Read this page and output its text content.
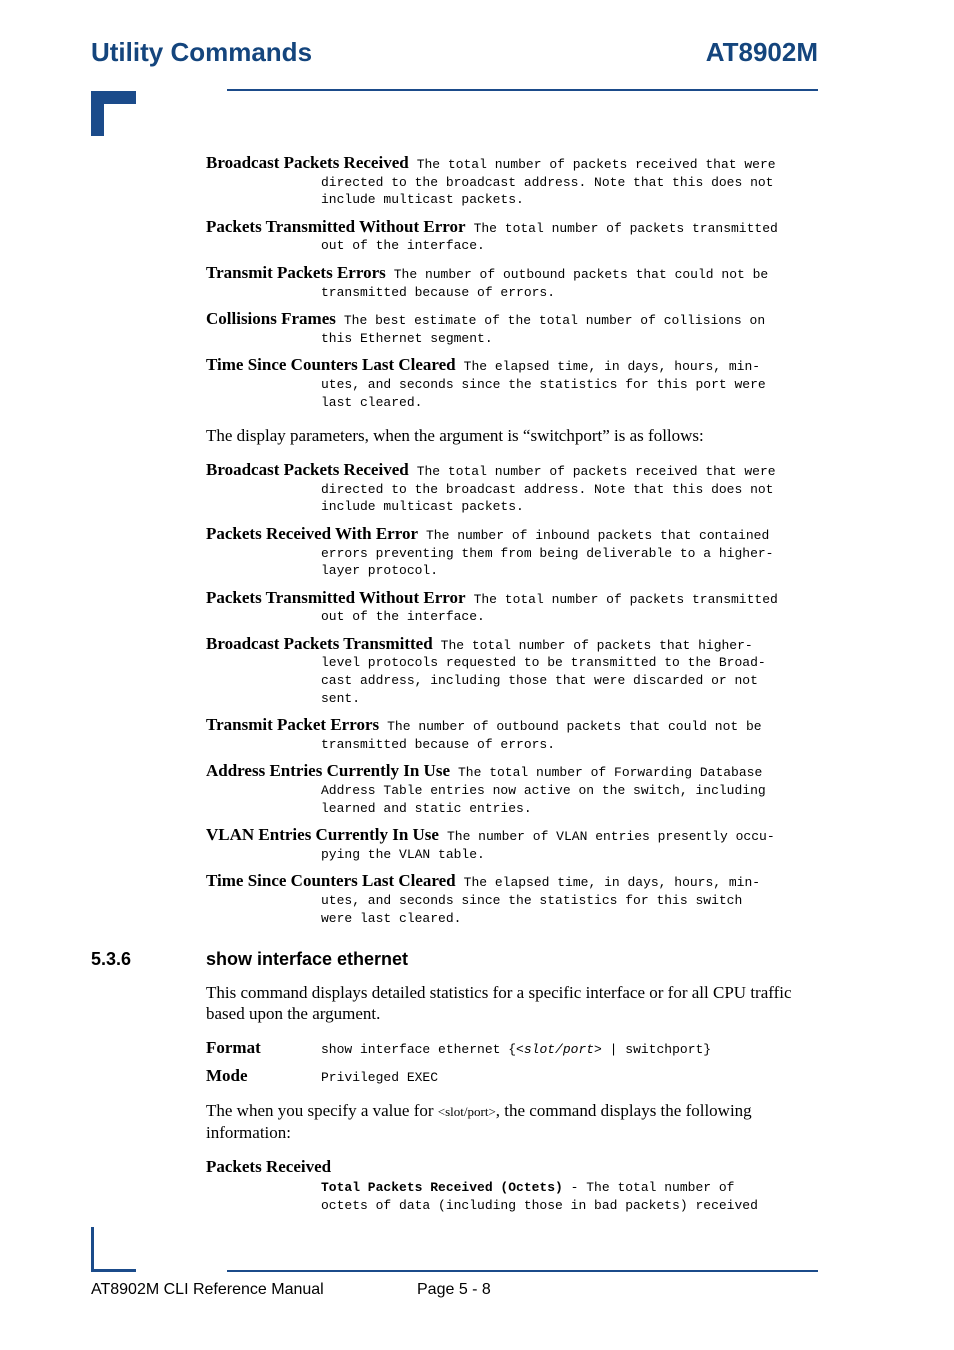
Utility Commands	AT8902M
Broadcast Packets Received The total number of packets received that were
directed to the broadcast address. Note that this does not
include multicast packets.
Packets Transmitted Without Error The total number of packets transmitted
out of the interface.
Transmit Packets Errors The number of outbound packets that could not be
transmitted because of errors.
Collisions Frames The best estimate of the total number of collisions on
this Ethernet segment.
Time Since Counters Last Cleared The elapsed time, in days, hours, min-
utes, and seconds since the statistics for this port were
last cleared.
The display parameters, when the argument is “switchport” is as follows:
Broadcast Packets Received The total number of packets received that were
directed to the broadcast address. Note that this does not
include multicast packets.
Packets Received With Error The number of inbound packets that contained
errors preventing them from being deliverable to a higher-
layer protocol.
Packets Transmitted Without Error The total number of packets transmitted
out of the interface.
Broadcast Packets Transmitted The total number of packets that higher-
level protocols requested to be transmitted to the Broad-
cast address, including those that were discarded or not
sent.
Transmit Packet Errors The number of outbound packets that could not be
transmitted because of errors.
Address Entries Currently In Use The total number of Forwarding Database
Address Table entries now active on the switch, including
learned and static entries.
VLAN Entries Currently In Use The number of VLAN entries presently occu-
pying the VLAN table.
Time Since Counters Last Cleared The elapsed time, in days, hours, min-
utes, and seconds since the statistics for this switch
were last cleared.
5.3.6	show interface ethernet
This command displays detailed statistics for a specific interface or for all CPU traffic based upon the argument.
Format	show interface ethernet {<slot/port> | switchport}
Mode	Privileged EXEC
The when you specify a value for <slot/port>, the command displays the following information:
Packets Received
Total Packets Received (Octets) - The total number of
octets of data (including those in bad packets) received
AT8902M CLI Reference Manual	Page 5 - 8
